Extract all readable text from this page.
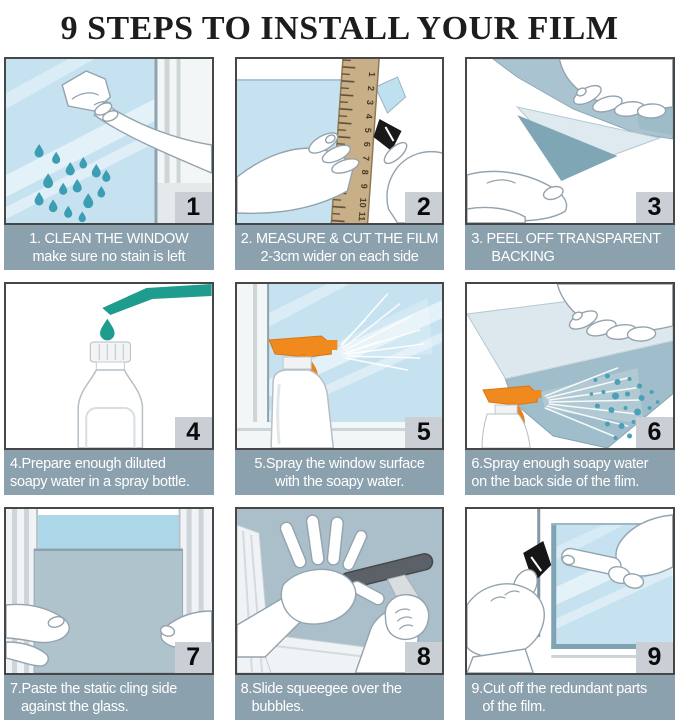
9 STEPS TO INSTALL YOUR FILM
1
1. CLEAN THE WINDOW
make sure no stain is left
1
2
3
4
5
6
7
8
9
10
11	2
2. MEASURE & CUT THE FILM
2-3cm wider on each side
3
3. PEEL OFF TRANSPARENT
BACKING
4
4.Prepare enough diluted
soapy water in a spray bottle.
5
5.Spray the window surface
with the soapy water.
6
6.Spray enough soapy water
on the back side of the flim.
7
7.Paste the static cling side
against the glass.
8
8.Slide squeegee over the
bubbles.
9
9.Cut off the redundant parts
of the film.
